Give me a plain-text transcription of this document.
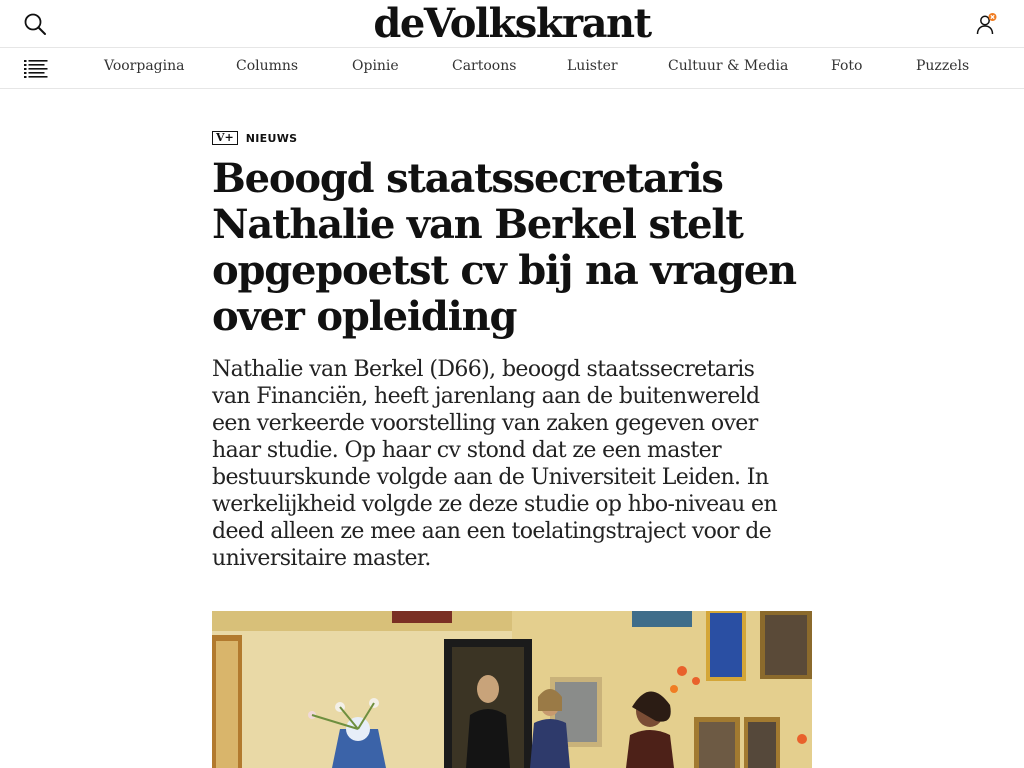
deVolkskrant
Voorpagina	Columns	Opinie	Cartoons	Luister	Cultuur & Media	Foto	Puzzels
V+	NIEUWS
Beoogd staatssecretaris Nathalie van Berkel stelt opgepoetst cv bij na vragen over opleiding

Nathalie van Berkel (D66), beoogd staatssecretaris van Financiën, heeft jarenlang aan de buitenwereld een verkeerde voorstelling van zaken gegeven over haar studie. Op haar cv stond dat ze een master bestuurskunde volgde aan de Universiteit Leiden. In werkelijkheid volgde ze deze studie op hbo-niveau en deed alleen ze mee aan een toelatingstraject voor de universitaire master.
